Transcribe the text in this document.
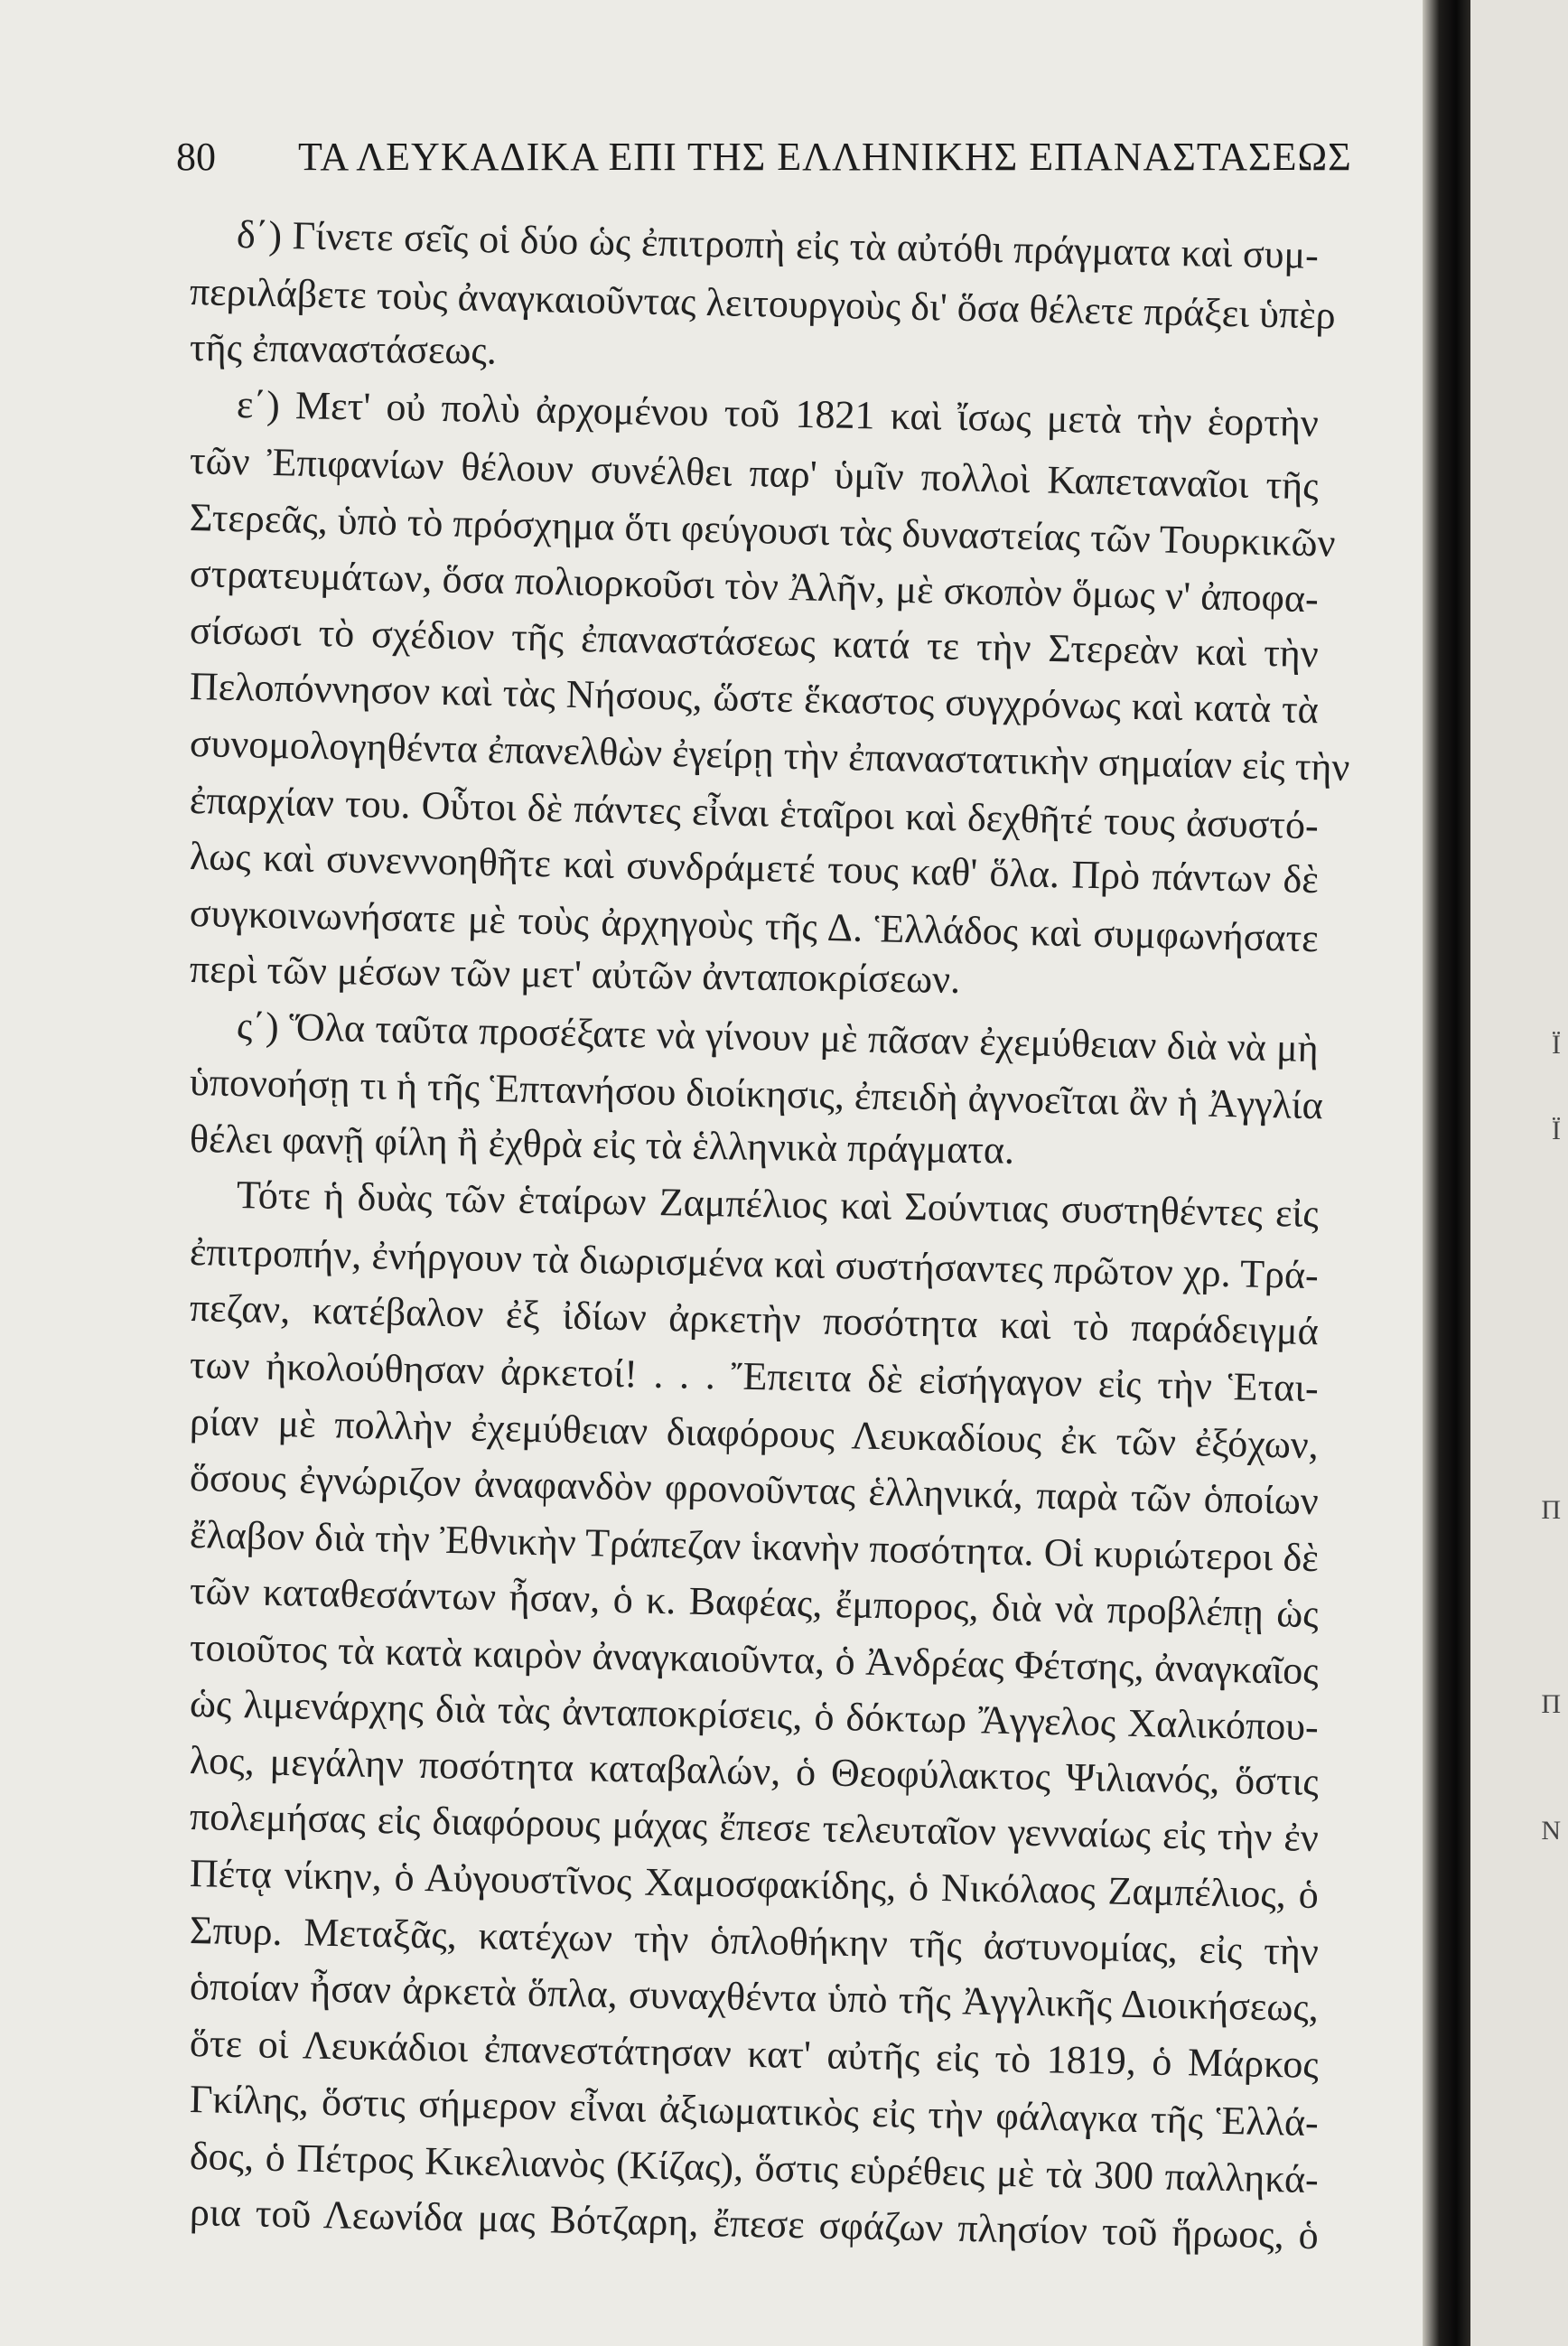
80 ΤΑ ΛΕΥΚΑΔΙΚΑ ΕΠΙ ΤΗΣ ΕΛΛΗΝΙΚΗΣ ΕΠΑΝΑΣΤΑΣΕΩΣ
δ΄) Γίνετε σεῖς οἱ δύο ὡς ἐπιτροπὴ εἰς τὰ αὐτόθι πράγματα καὶ συμ-
περιλάβετε τοὺς ἀναγκαιοῦντας λειτουργοὺς δι' ὅσα θέλετε πράξει ὑπὲρ
τῆς ἐπαναστάσεως.
ε΄) Μετ' οὐ πολὺ ἀρχομένου τοῦ 1821 καὶ ἴσως μετὰ τὴν ἑορτὴν
τῶν Ἐπιφανίων θέλουν συνέλθει παρ' ὑμῖν πολλοὶ Καπεταναῖοι τῆς
Στερεᾶς, ὑπὸ τὸ πρόσχημα ὅτι φεύγουσι τὰς δυναστείας τῶν Τουρκικῶν
στρατευμάτων, ὅσα πολιορκοῦσι τὸν Ἀλῆν, μὲ σκοπὸν ὅμως ν' ἀποφα-
σίσωσι τὸ σχέδιον τῆς ἐπαναστάσεως κατά τε τὴν Στερεὰν καὶ τὴν
Πελοπόννησον καὶ τὰς Νήσους, ὥστε ἕκαστος συγχρόνως καὶ κατὰ τὰ
συνομολογηθέντα ἐπανελθὼν ἐγείρῃ τὴν ἐπαναστατικὴν σημαίαν εἰς τὴν
ἐπαρχίαν του. Οὗτοι δὲ πάντες εἶναι ἑταῖροι καὶ δεχθῆτέ τους ἀσυστό-
λως καὶ συνεννοηθῆτε καὶ συνδράμετέ τους καθ' ὅλα. Πρὸ πάντων δὲ
συγκοινωνήσατε μὲ τοὺς ἀρχηγοὺς τῆς Δ. Ἑλλάδος καὶ συμφωνήσατε
περὶ τῶν μέσων τῶν μετ' αὐτῶν ἀνταποκρίσεων.
ς΄) Ὅλα ταῦτα προσέξατε νὰ γίνουν μὲ πᾶσαν ἐχεμύθειαν διὰ νὰ μὴ
ὑπονοήσῃ τι ἡ τῆς Ἑπτανήσου διοίκησις, ἐπειδὴ ἀγνοεῖται ἂν ἡ Ἀγγλία
θέλει φανῇ φίλη ἢ ἐχθρὰ εἰς τὰ ἑλληνικὰ πράγματα.
Τότε ἡ δυὰς τῶν ἑταίρων Ζαμπέλιος καὶ Σούντιας συστηθέντες εἰς
ἐπιτροπήν, ἐνήργουν τὰ διωρισμένα καὶ συστήσαντες πρῶτον χρ. Τρά-
πεζαν, κατέβαλον ἐξ ἰδίων ἀρκετὴν ποσότητα καὶ τὸ παράδειγμά
των ἠκολούθησαν ἀρκετοί! . . . Ἔπειτα δὲ εἰσήγαγον εἰς τὴν Ἑται-
ρίαν μὲ πολλὴν ἐχεμύθειαν διαφόρους Λευκαδίους ἐκ τῶν ἐξόχων,
ὅσους ἐγνώριζον ἀναφανδὸν φρονοῦντας ἑλληνικά, παρὰ τῶν ὁποίων
ἔλαβον διὰ τὴν Ἐθνικὴν Τράπεζαν ἱκανὴν ποσότητα. Οἱ κυριώτεροι δὲ
τῶν καταθεσάντων ἦσαν, ὁ κ. Βαφέας, ἔμπορος, διὰ νὰ προβλέπῃ ὡς
τοιοῦτος τὰ κατὰ καιρὸν ἀναγκαιοῦντα, ὁ Ἀνδρέας Φέτσης, ἀναγκαῖος
ὡς λιμενάρχης διὰ τὰς ἀνταποκρίσεις, ὁ δόκτωρ Ἄγγελος Χαλικόπου-
λος, μεγάλην ποσότητα καταβαλών, ὁ Θεοφύλακτος Ψιλιανός, ὅστις
πολεμήσας εἰς διαφόρους μάχας ἔπεσε τελευταῖον γενναίως εἰς τὴν ἐν
Πέτᾳ νίκην, ὁ Αὐγουστῖνος Χαμοσφακίδης, ὁ Νικόλαος Ζαμπέλιος, ὁ
Σπυρ. Μεταξᾶς, κατέχων τὴν ὁπλοθήκην τῆς ἀστυνομίας, εἰς τὴν
ὁποίαν ἦσαν ἀρκετὰ ὅπλα, συναχθέντα ὑπὸ τῆς Ἀγγλικῆς Διοικήσεως,
ὅτε οἱ Λευκάδιοι ἐπανεστάτησαν κατ' αὐτῆς εἰς τὸ 1819, ὁ Μάρκος
Γκίλης, ὅστις σήμερον εἶναι ἀξιωματικὸς εἰς τὴν φάλαγκα τῆς Ἑλλά-
δος, ὁ Πέτρος Κικελιανὸς (Κίζας), ὅστις εὑρέθεις μὲ τὰ 300 παλληκά-
ρια τοῦ Λεωνίδα μας Βότζαρη, ἔπεσε σφάζων πλησίον τοῦ ἥρωος, ὁ
Ϊ
Ϊ
Π
Π
Ν
